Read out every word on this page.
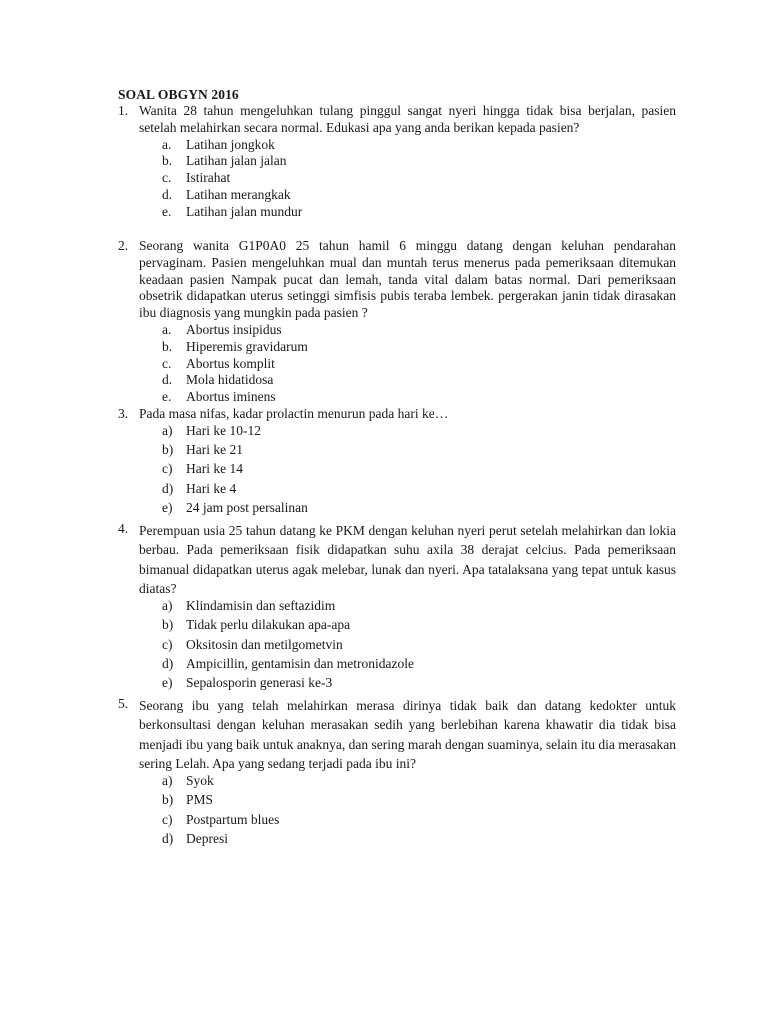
SOAL OBGYN 2016
1. Wanita 28 tahun mengeluhkan tulang pinggul sangat nyeri hingga tidak bisa berjalan, pasien setelah melahirkan secara normal. Edukasi apa yang anda berikan kepada pasien?
a. Latihan jongkok
b. Latihan jalan jalan
c. Istirahat
d. Latihan merangkak
e. Latihan jalan mundur
2. Seorang wanita G1P0A0 25 tahun hamil 6 minggu datang dengan keluhan pendarahan pervaginam. Pasien mengeluhkan mual dan muntah terus menerus pada pemeriksaan ditemukan keadaan pasien Nampak pucat dan lemah, tanda vital dalam batas normal. Dari pemeriksaan obsetrik didapatkan uterus setinggi simfisis pubis teraba lembek. pergerakan janin tidak dirasakan ibu diagnosis yang mungkin pada pasien ?
a. Abortus insipidus
b. Hiperemis gravidarum
c. Abortus komplit
d. Mola hidatidosa
e. Abortus iminens
3. Pada masa nifas, kadar prolactin menurun pada hari ke…
a) Hari ke 10-12
b) Hari ke 21
c) Hari ke 14
d) Hari ke 4
e) 24 jam post persalinan
4. Perempuan usia 25 tahun datang ke PKM dengan keluhan nyeri perut setelah melahirkan dan lokia berbau. Pada pemeriksaan fisik didapatkan suhu axila 38 derajat celcius. Pada pemeriksaan bimanual didapatkan uterus agak melebar, lunak dan nyeri. Apa tatalaksana yang tepat untuk kasus diatas?
a) Klindamisin dan seftazidim
b) Tidak perlu dilakukan apa-apa
c) Oksitosin dan metilgometvin
d) Ampicillin, gentamisin dan metronidazole
e) Sepalosporin generasi ke-3
5. Seorang ibu yang telah melahirkan merasa dirinya tidak baik dan datang kedokter untuk berkonsultasi dengan keluhan merasakan sedih yang berlebihan karena khawatir dia tidak bisa menjadi ibu yang baik untuk anaknya, dan sering marah dengan suaminya, selain itu dia merasakan sering Lelah. Apa yang sedang terjadi pada ibu ini?
a) Syok
b) PMS
c) Postpartum blues
d) Depresi
